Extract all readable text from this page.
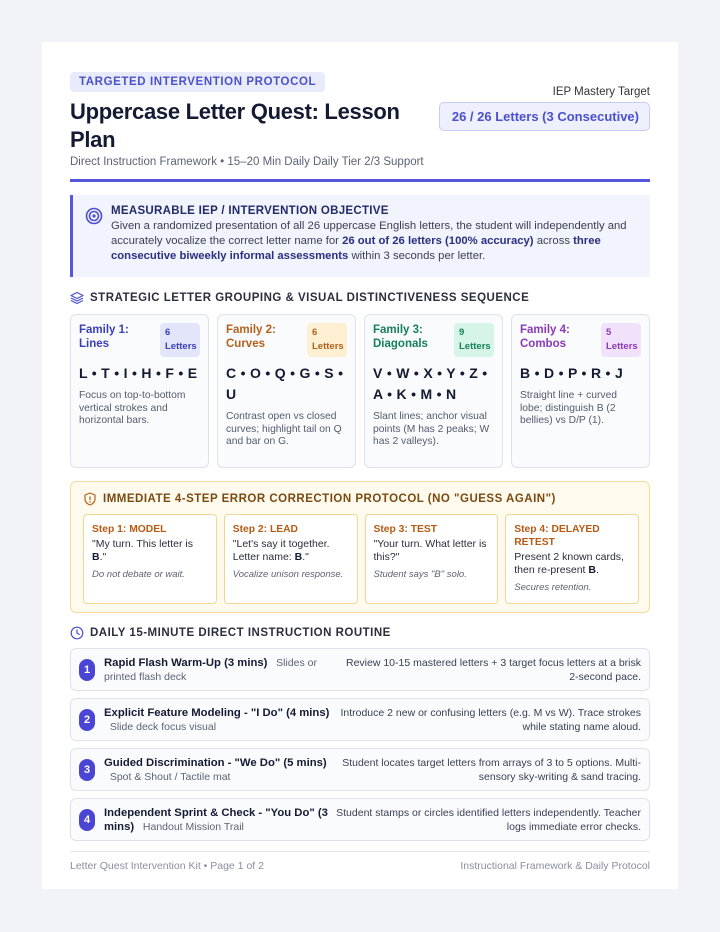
TARGETED INTERVENTION PROTOCOL
Uppercase Letter Quest: Lesson Plan
Direct Instruction Framework • 15–20 Min Daily Daily Tier 2/3 Support
IEP Mastery Target
26 / 26 Letters (3 Consecutive)
MEASURABLE IEP / INTERVENTION OBJECTIVE
Given a randomized presentation of all 26 uppercase English letters, the student will independently and accurately vocalize the correct letter name for 26 out of 26 letters (100% accuracy) across three consecutive biweekly informal assessments within 3 seconds per letter.
STRATEGIC LETTER GROUPING & VISUAL DISTINCTIVENESS SEQUENCE
Family 1: Lines
6 Letters
L • T • I • H • F • E
Focus on top-to-bottom vertical strokes and horizontal bars.
Family 2: Curves
6 Letters
C • O • Q • G • S • U
Contrast open vs closed curves; highlight tail on Q and bar on G.
Family 3: Diagonals
9 Letters
V • W • X • Y • Z • A • K • M • N
Slant lines; anchor visual points (M has 2 peaks; W has 2 valleys).
Family 4: Combos
5 Letters
B • D • P • R • J
Straight line + curved lobe; distinguish B (2 bellies) vs D/P (1).
IMMEDIATE 4-STEP ERROR CORRECTION PROTOCOL (NO "GUESS AGAIN")
Step 1: MODEL
"My turn. This letter is B."
Do not debate or wait.
Step 2: LEAD
"Let's say it together. Letter name: B."
Vocalize unison response.
Step 3: TEST
"Your turn. What letter is this?"
Student says "B" solo.
Step 4: DELAYED RETEST
Present 2 known cards, then re-present B.
Secures retention.
DAILY 15-MINUTE DIRECT INSTRUCTION ROUTINE
1
Rapid Flash Warm-Up (3 mins) Slides or printed flash deck
Review 10-15 mastered letters + 3 target focus letters at a brisk 2-second pace.
2
Explicit Feature Modeling - "I Do" (4 mins)
Slide deck focus visual
Introduce 2 new or confusing letters (e.g. M vs W). Trace strokes while stating name aloud.
3
Guided Discrimination - "We Do" (5 mins)
Spot & Shout / Tactile mat
Student locates target letters from arrays of 3 to 5 options. Multi-sensory sky-writing & sand tracing.
4
Independent Sprint & Check - "You Do" (3 mins) Handout Mission Trail
Student stamps or circles identified letters independently. Teacher logs immediate error checks.
Letter Quest Intervention Kit • Page 1 of 2	Instructional Framework & Daily Protocol
